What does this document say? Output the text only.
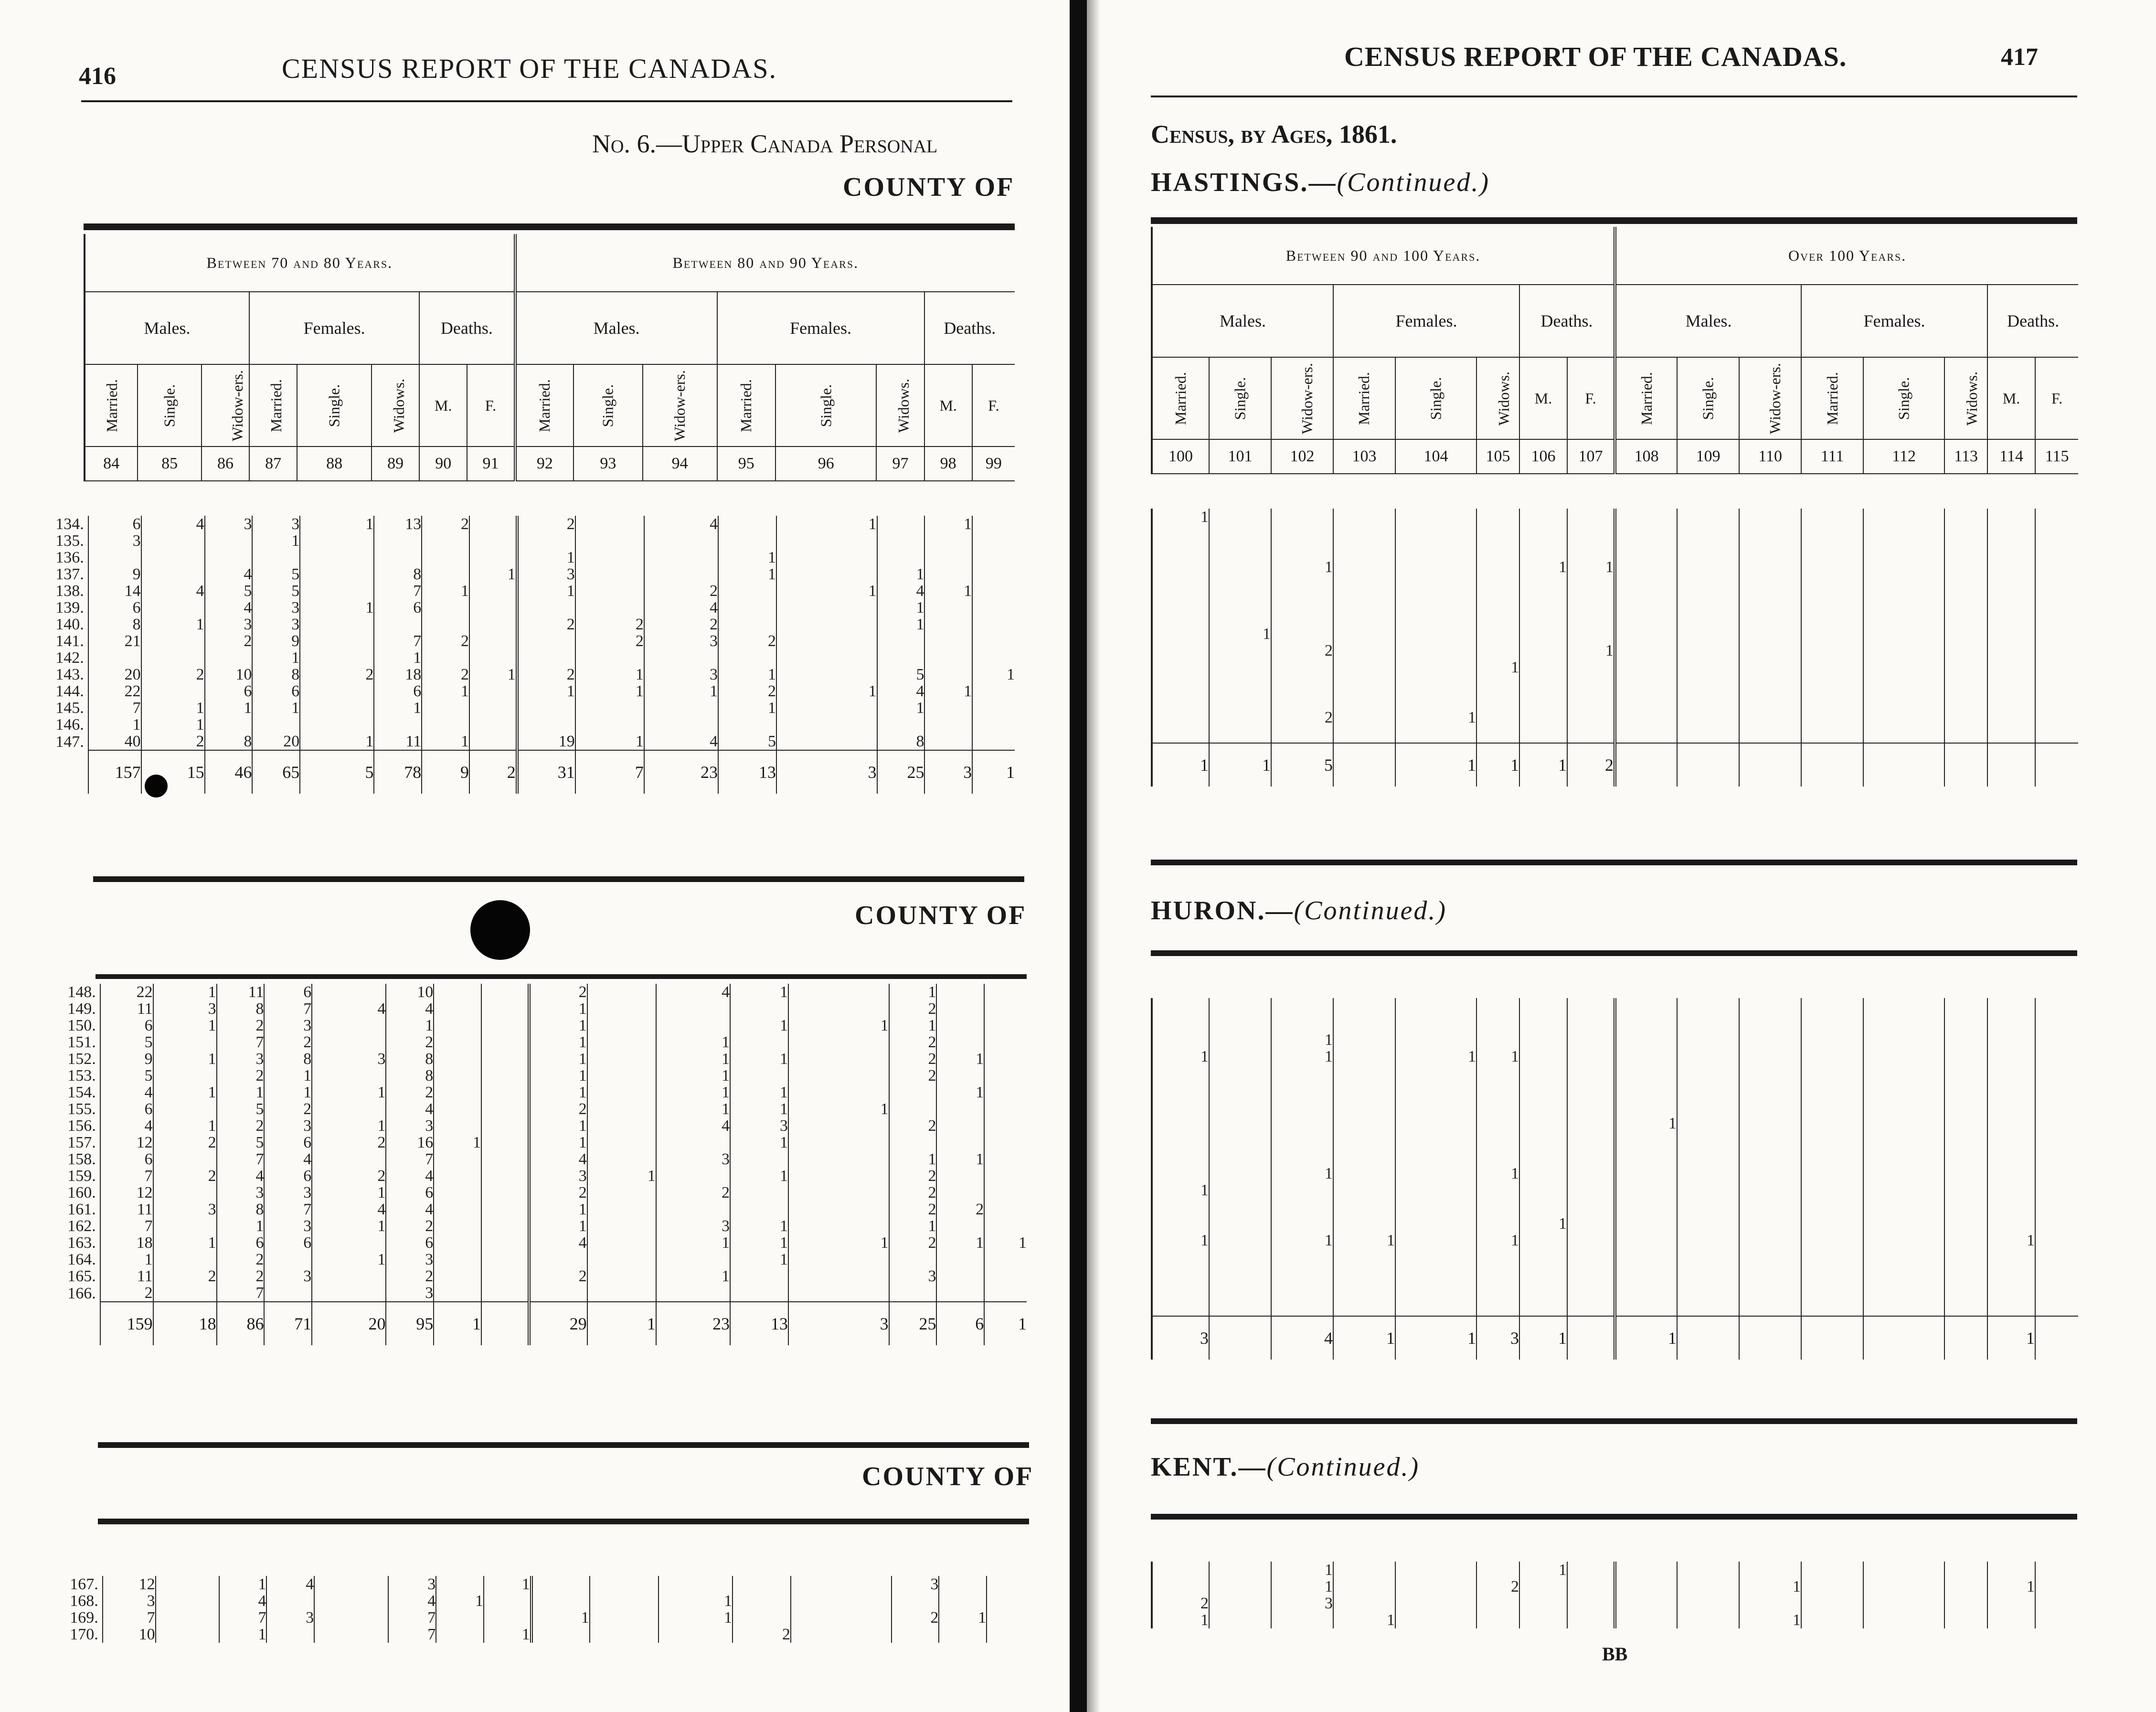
416	CENSUS REPORT OF THE CANADAS.
No. 6.—Upper Canada Personal
COUNTY OF
Between 70 and 80 Years.								Between 80 and 90 Years.							
Males.			Females.			Deaths.		Males.			Females.			Deaths.	
Married.	Single.	Widow-ers.	Married.	Single.	Widows.	M.	F.	Married.	Single.	Widow-ers.	Married.	Single.	Widows.	M.	F.
84	85	86	87	88	89	90	91	92	93	94	95	96	97	98	99
134.	6	4	3	3	1	13	2		2		4		1		1	
135.	3			1												
136.									1			1				
137.	9		4	5		8		1	3			1		1		
138.	14	4	5	5		7	1		1		2		1	4	1	
139.	6		4	3	1	6					4			1		
140.	8	1	3	3					2	2	2			1		
141.	21		2	9		7	2			2	3	2				
142.				1		1										
143.	20	2	10	8	2	18	2	1	2	1	3	1		5		1
144.	22		6	6		6	1		1	1	1	2	1	4	1	
145.	7	1	1	1		1						1		1		
146.	1	1														
147.	40	2	8	20	1	11	1		19	1	4	5		8		
	157	15	46	65	5	78	9	2	31	7	23	13	3	25	3	1
COUNTY OF
148.	22	1	11	6		10			2		4	1		1		
149.	11	3	8	7	4	4			1					2		
150.	6	1	2	3		1			1			1	1	1		
151.	5		7	2		2			1		1			2		
152.	9	1	3	8	3	8			1		1	1		2	1	
153.	5		2	1		8			1		1			2		
154.	4	1	1	1	1	2			1		1	1			1	
155.	6		5	2		4			2		1	1	1			
156.	4	1	2	3	1	3			1		4	3		2		
157.	12	2	5	6	2	16	1		1			1				
158.	6		7	4		7			4		3			1	1	
159.	7	2	4	6	2	4			3	1		1		2		
160.	12		3	3	1	6			2		2			2		
161.	11	3	8	7	4	4			1					2	2	
162.	7		1	3	1	2			1		3	1		1		
163.	18	1	6	6		6			4		1	1	1	2	1	1
164.	1		2		1	3						1				
165.	11	2	2	3		2			2		1			3		
166.	2		7			3										
	159	18	86	71	20	95	1		29	1	23	13	3	25	6	1
COUNTY OF
167.	12		1	4		3		1						3		
168.	3		4			4	1				1					
169.	7		7	3		7			1		1			2	1	
170.	10		1			7		1				2				
CENSUS REPORT OF THE CANADAS.	417
Census, by Ages, 1861.
HASTINGS.—(Continued.)
Between 90 and 100 Years.								Over 100 Years.							
Males.			Females.			Deaths.		Males.			Females.			Deaths.	
Married.	Single.	Widow-ers.	Married.	Single.	Widows.	M.	F.	Married.	Single.	Widow-ers.	Married.	Single.	Widows.	M.	F.
100	101	102	103	104	105	106	107	108	109	110	111	112	113	114	115
1															

		1				1	1								

	1														
		2					1								
					1										

		2		1											

1	1	5		1	1	1	2								
HURON.—(Continued.)

		1													
1		1		1	1										

								1							

		1			1										
1															

						1									
1		1	1		1									1	

3		4	1	1	3	1		1						1	
KENT.—(Continued.)
		1				1									
		1			2					1				1	
2		3													
1			1							1					
BB
